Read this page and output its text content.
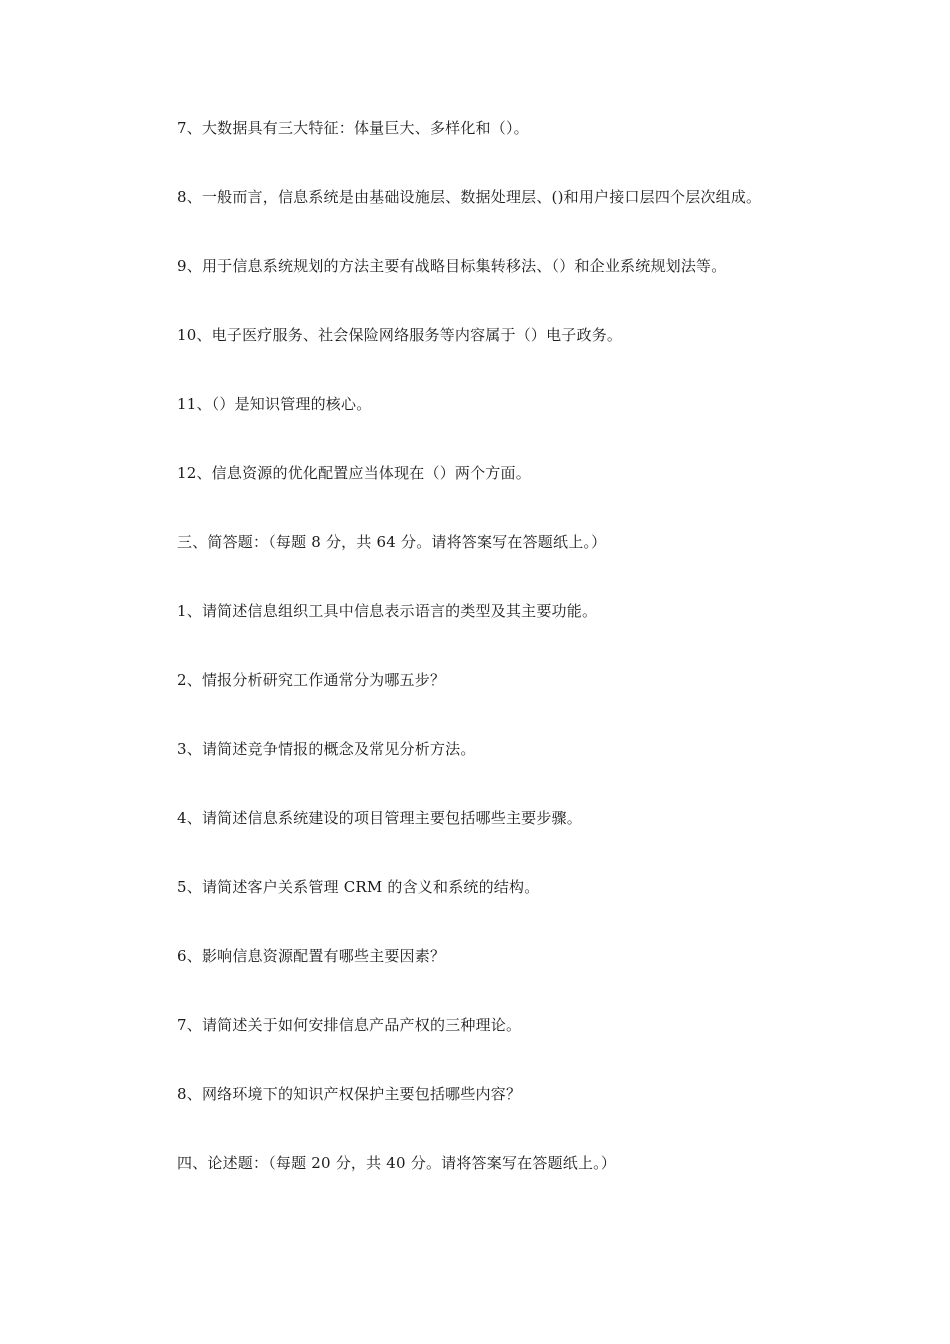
7、大数据具有三大特征：体量巨大、多样化和（）。
8、一般而言，信息系统是由基础设施层、数据处理层、()和用户接口层四个层次组成。
9、用于信息系统规划的方法主要有战略目标集转移法、（）和企业系统规划法等。
10、电子医疗服务、社会保险网络服务等内容属于（）电子政务。
11、（）是知识管理的核心。
12、信息资源的优化配置应当体现在（）两个方面。
三、简答题：（每题 8 分，共 64 分。请将答案写在答题纸上。）
1、请简述信息组织工具中信息表示语言的类型及其主要功能。
2、情报分析研究工作通常分为哪五步？
3、请简述竞争情报的概念及常见分析方法。
4、请简述信息系统建设的项目管理主要包括哪些主要步骤。
5、请简述客户关系管理 CRM 的含义和系统的结构。
6、影响信息资源配置有哪些主要因素？
7、请简述关于如何安排信息产品产权的三种理论。
8、网络环境下的知识产权保护主要包括哪些内容？
四、论述题：（每题 20 分，共 40 分。请将答案写在答题纸上。）
